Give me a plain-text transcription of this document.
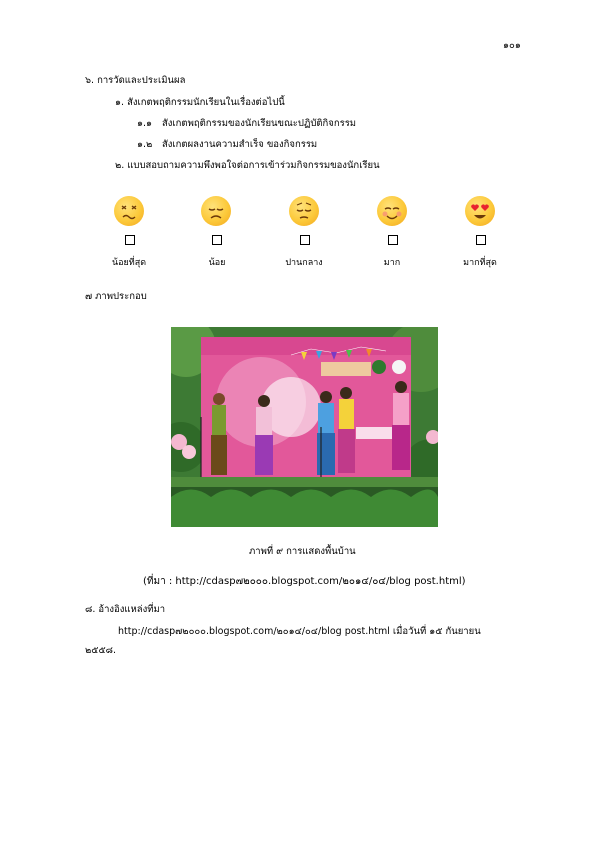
๑๐๑
๖. การวัดและประเมินผล
๑. สังเกตพฤติกรรมนักเรียนในเรื่องต่อไปนี้
๑.๑ สังเกตพฤติกรรมของนักเรียนขณะปฏิบัติกิจกรรม
๑.๒ สังเกตผลงานความสำเร็จ ของกิจกรรม
๒. แบบสอบถามความพึงพอใจต่อการเข้าร่วมกิจกรรมของนักเรียน
น้อยที่สุด	น้อย	ปานกลาง	มาก	มากที่สุด
๗ ภาพประกอบ
ภาพที่ ๙ การแสดงพื้นบ้าน
(ที่มา : http://cdasp๗๒๐๐๐.blogspot.com/๒๐๑๔/๐๔/blog post.html)
๘. อ้างอิงแหล่งที่มา
http://cdasp๗๒๐๐๐.blogspot.com/๒๐๑๔/๐๔/blog post.html เมื่อวันที่ ๑๕ กันยายน
๒๕๕๘.
